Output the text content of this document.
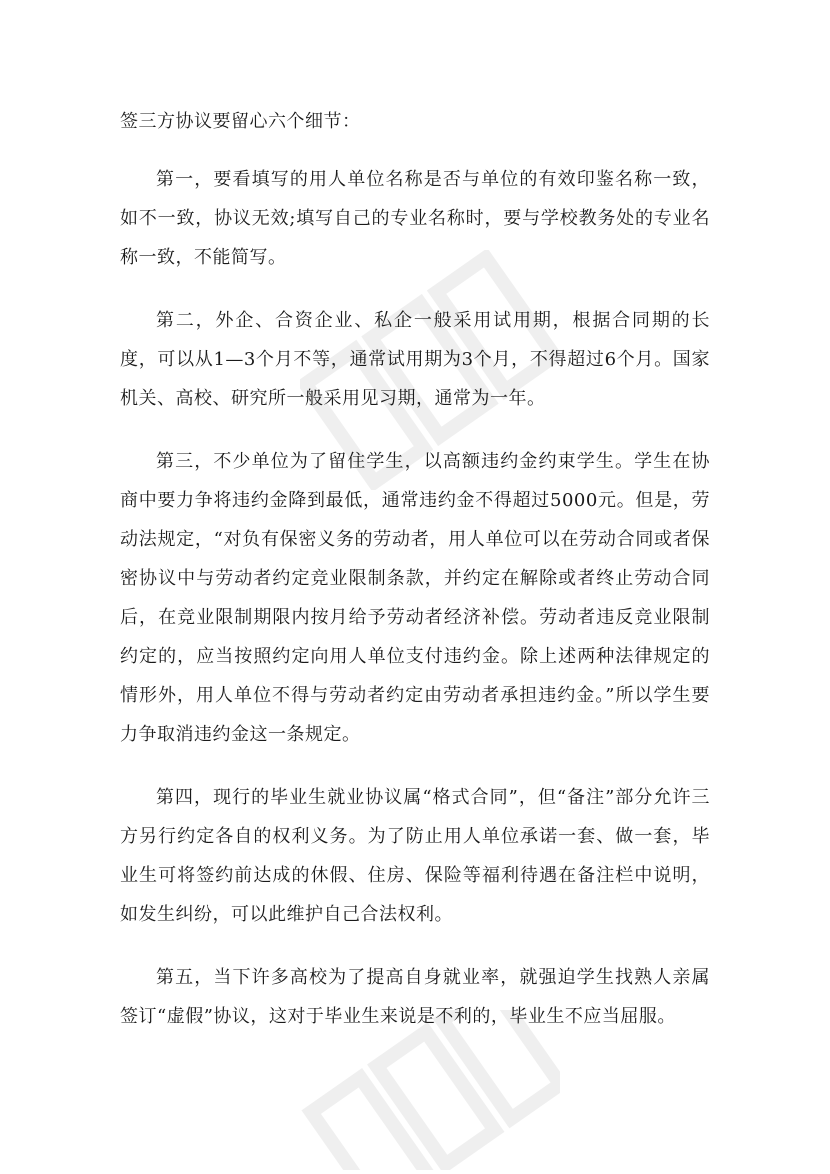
签三方协议要留心六个细节：

第一，要看填写的用人单位名称是否与单位的有效印鉴名称一致，如不一致，协议无效;填写自己的专业名称时，要与学校教务处的专业名称一致，不能简写。

第二，外企、合资企业、私企一般采用试用期，根据合同期的长度，可以从1—3个月不等，通常试用期为3个月，不得超过6个月。国家机关、高校、研究所一般采用见习期，通常为一年。

第三，不少单位为了留住学生，以高额违约金约束学生。学生在协商中要力争将违约金降到最低，通常违约金不得超过5000元。但是，劳动法规定，“对负有保密义务的劳动者，用人单位可以在劳动合同或者保密协议中与劳动者约定竞业限制条款，并约定在解除或者终止劳动合同后，在竞业限制期限内按月给予劳动者经济补偿。劳动者违反竞业限制约定的，应当按照约定向用人单位支付违约金。除上述两种法律规定的情形外，用人单位不得与劳动者约定由劳动者承担违约金。”所以学生要力争取消违约金这一条规定。

第四，现行的毕业生就业协议属“格式合同”，但“备注”部分允许三方另行约定各自的权利义务。为了防止用人单位承诺一套、做一套，毕业生可将签约前达成的休假、住房、保险等福利待遇在备注栏中说明，如发生纠纷，可以此维护自己合法权利。

第五，当下许多高校为了提高自身就业率，就强迫学生找熟人亲属签订“虚假”协议，这对于毕业生来说是不利的，毕业生不应当屈服。
